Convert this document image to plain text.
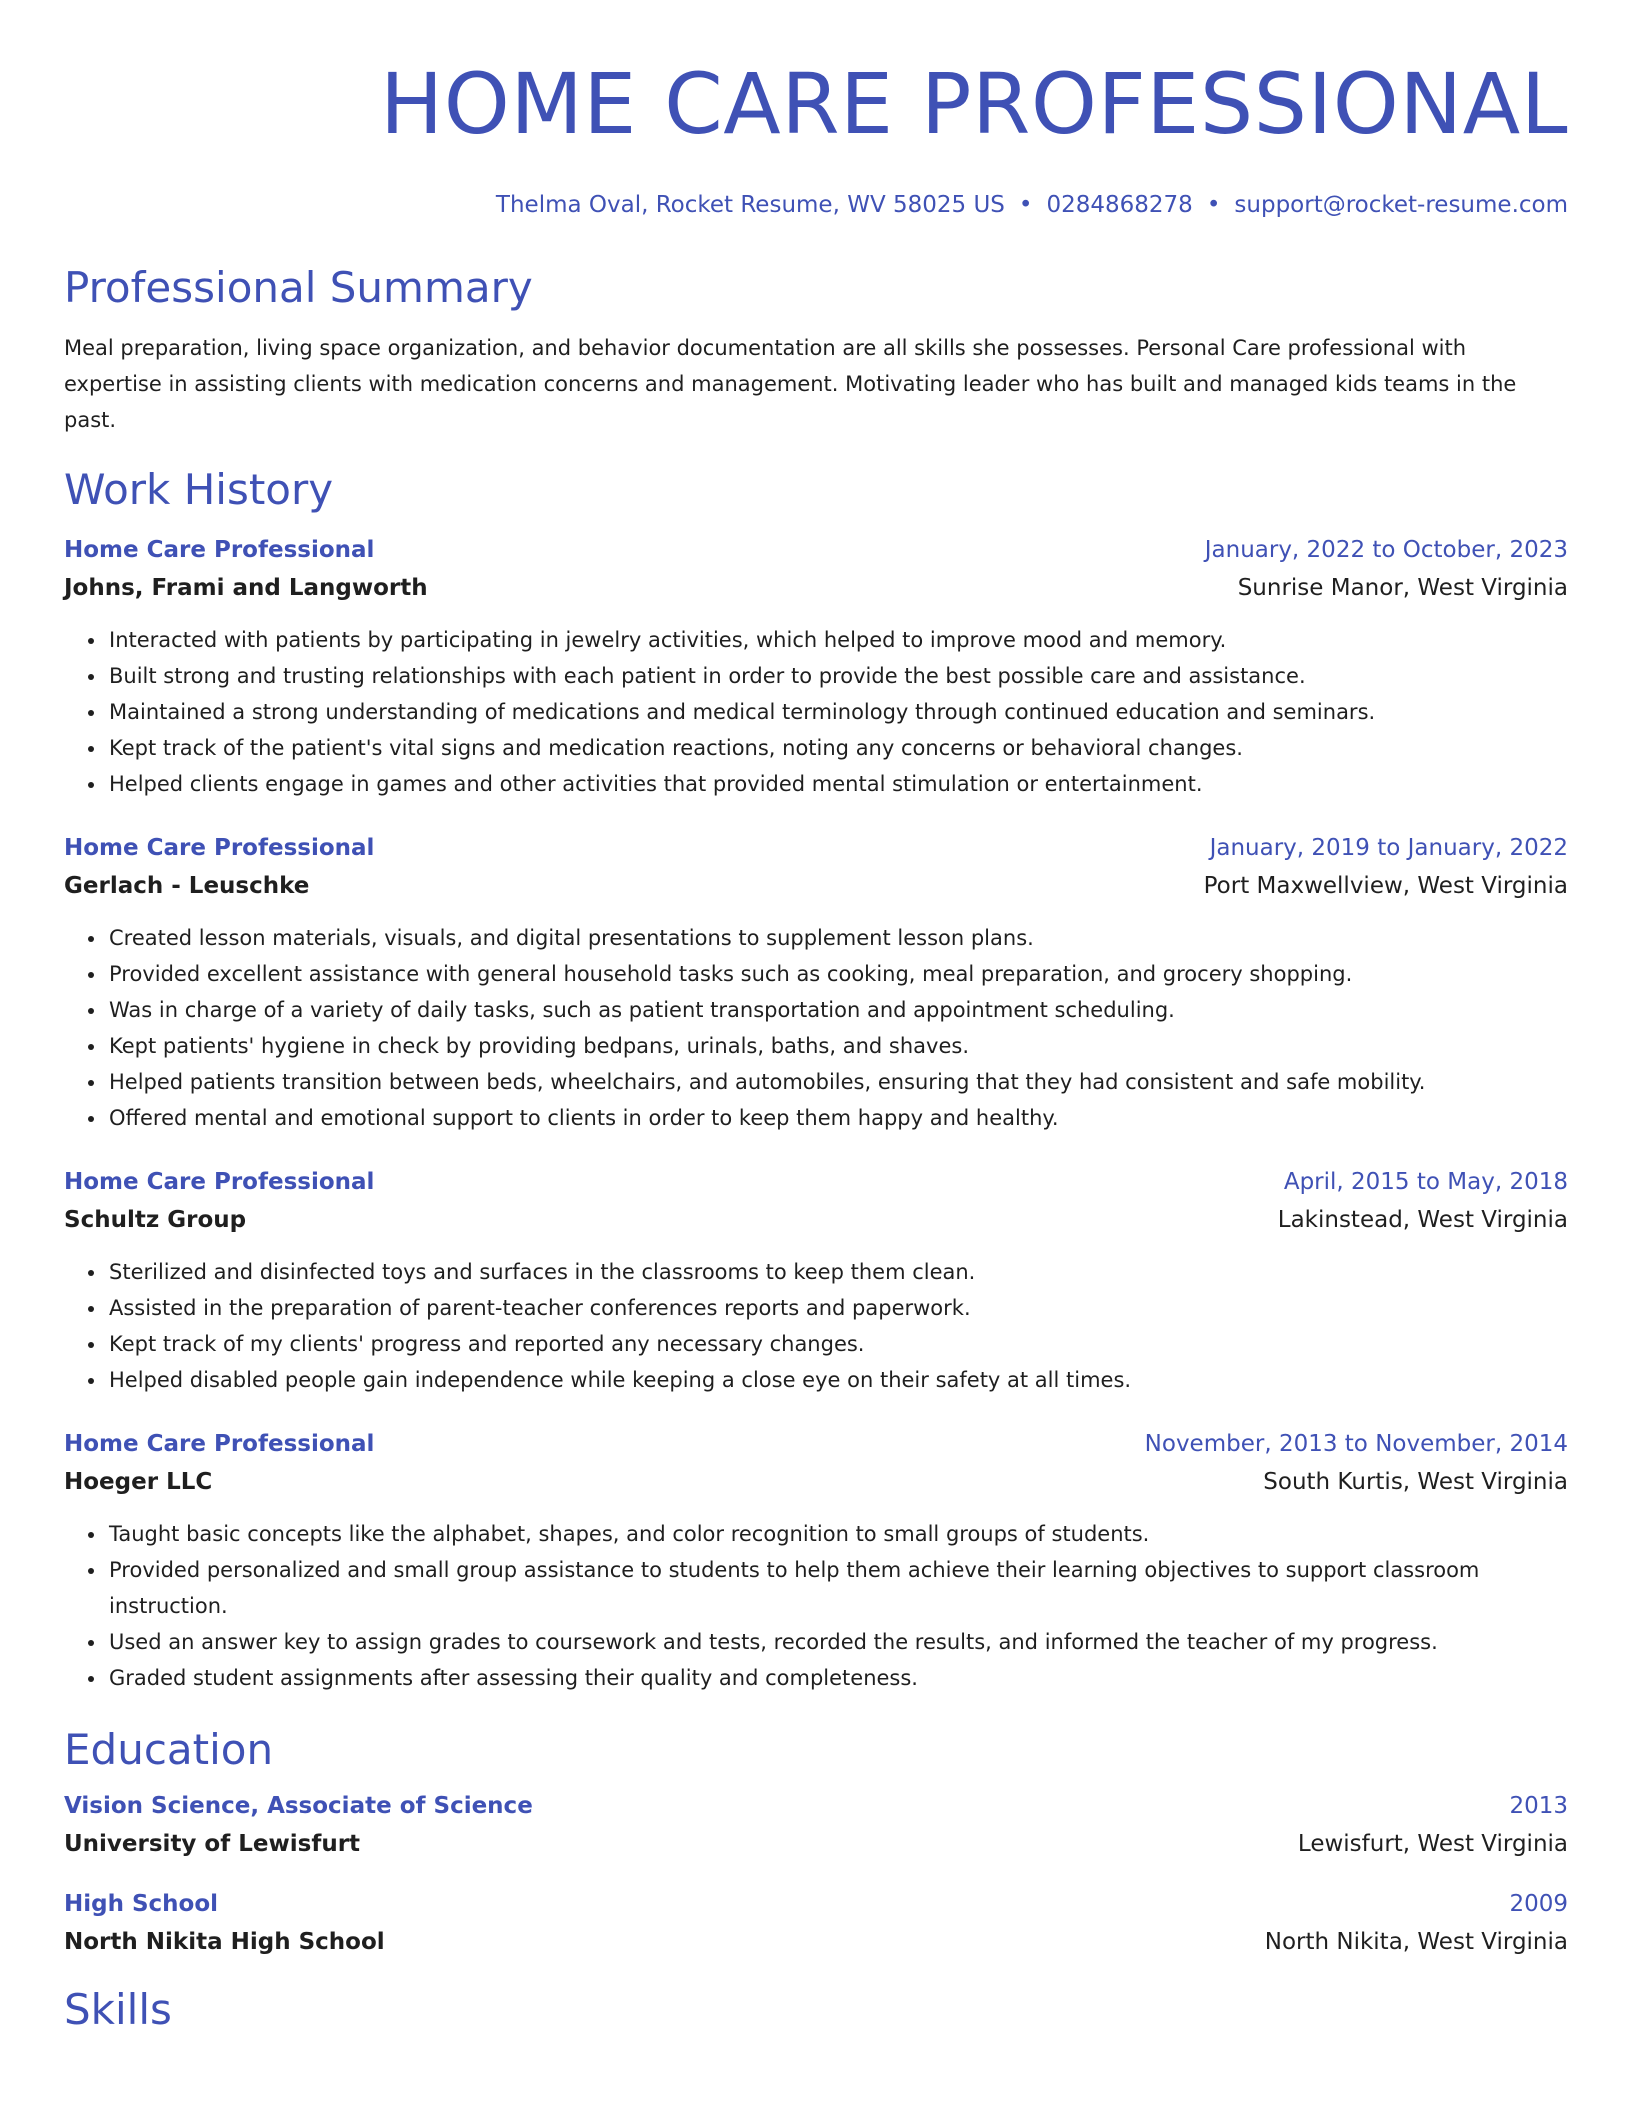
HOME CARE PROFESSIONAL
Thelma Oval, Rocket Resume, WV 58025 US • 0284868278 • support@rocket-resume.com
Professional Summary
Meal preparation, living space organization, and behavior documentation are all skills she possesses. Personal Care professional with expertise in assisting clients with medication concerns and management. Motivating leader who has built and managed kids teams in the past.
Work History
Home Care Professional	January, 2022 to October, 2023
Johns, Frami and Langworth	Sunrise Manor, West Virginia
• Interacted with patients by participating in jewelry activities, which helped to improve mood and memory.
• Built strong and trusting relationships with each patient in order to provide the best possible care and assistance.
• Maintained a strong understanding of medications and medical terminology through continued education and seminars.
• Kept track of the patient's vital signs and medication reactions, noting any concerns or behavioral changes.
• Helped clients engage in games and other activities that provided mental stimulation or entertainment.
Home Care Professional	January, 2019 to January, 2022
Gerlach - Leuschke	Port Maxwellview, West Virginia
• Created lesson materials, visuals, and digital presentations to supplement lesson plans.
• Provided excellent assistance with general household tasks such as cooking, meal preparation, and grocery shopping.
• Was in charge of a variety of daily tasks, such as patient transportation and appointment scheduling.
• Kept patients' hygiene in check by providing bedpans, urinals, baths, and shaves.
• Helped patients transition between beds, wheelchairs, and automobiles, ensuring that they had consistent and safe mobility.
• Offered mental and emotional support to clients in order to keep them happy and healthy.
Home Care Professional	April, 2015 to May, 2018
Schultz Group	Lakinstead, West Virginia
• Sterilized and disinfected toys and surfaces in the classrooms to keep them clean.
• Assisted in the preparation of parent-teacher conferences reports and paperwork.
• Kept track of my clients' progress and reported any necessary changes.
• Helped disabled people gain independence while keeping a close eye on their safety at all times.
Home Care Professional	November, 2013 to November, 2014
Hoeger LLC	South Kurtis, West Virginia
• Taught basic concepts like the alphabet, shapes, and color recognition to small groups of students.
• Provided personalized and small group assistance to students to help them achieve their learning objectives to support classroom instruction.
• Used an answer key to assign grades to coursework and tests, recorded the results, and informed the teacher of my progress.
• Graded student assignments after assessing their quality and completeness.
Education
Vision Science, Associate of Science	2013
University of Lewisfurt	Lewisfurt, West Virginia
High School	2009
North Nikita High School	North Nikita, West Virginia
Skills
